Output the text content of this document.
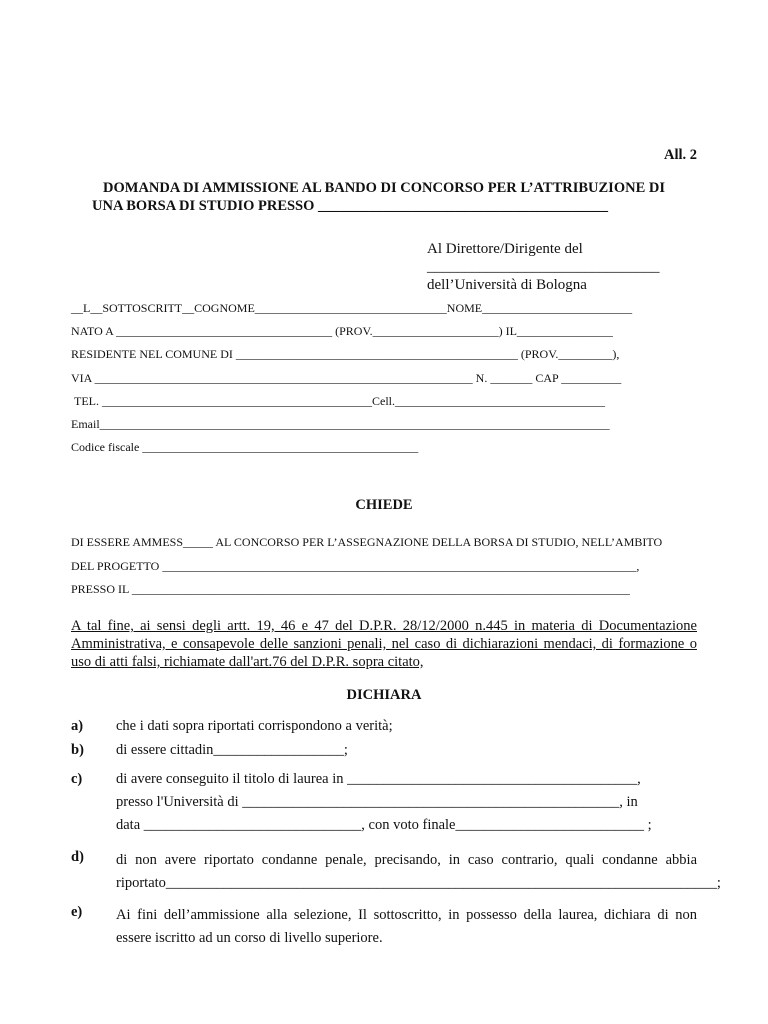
All. 2
DOMANDA DI AMMISSIONE AL BANDO DI CONCORSO PER L’ATTRIBUZIONE DI
UNA BORSA DI STUDIO PRESSO ________________________________________
Al Direttore/Dirigente del
_______________________________
dell’Università di Bologna
__L__SOTTOSCRITT__COGNOME________________________________NOME_________________________
NATO A ____________________________________ (PROV._____________________) IL________________
RESIDENTE NEL COMUNE DI _______________________________________________ (PROV._________),
VIA _______________________________________________________________ N. _______ CAP __________
TEL. _____________________________________________Cell.___________________________________
Email_____________________________________________________________________________________
Codice fiscale ______________________________________________
CHIEDE
DI ESSERE AMMESS_____ AL CONCORSO PER L’ASSEGNAZIONE DELLA BORSA DI STUDIO, NELL’AMBITO
DEL PROGETTO _______________________________________________________________________________,
PRESSO IL ___________________________________________________________________________________
A tal fine, ai sensi degli artt. 19, 46 e 47 del D.P.R. 28/12/2000 n.445 in materia di Documentazione Amministrativa, e consapevole delle sanzioni penali, nel caso di dichiarazioni mendaci, di formazione o uso di atti falsi, richiamate dall'art.76 del D.P.R. sopra citato,
DICHIARA
a) che i dati sopra riportati corrispondono a verità;
b) di essere cittadin__________________;
c) di avere conseguito il titolo di laurea in ________________________________________,
presso l'Università di ____________________________________________________, in
data ______________________________, con voto finale__________________________ ;
d) di non avere riportato condanne penale, precisando, in caso contrario, quali condanne abbia riportato____________________________________________________________________________;
e) Ai fini dell’ammissione alla selezione, Il sottoscritto, in possesso della laurea, dichiara di non essere iscritto ad un corso di livello superiore.
